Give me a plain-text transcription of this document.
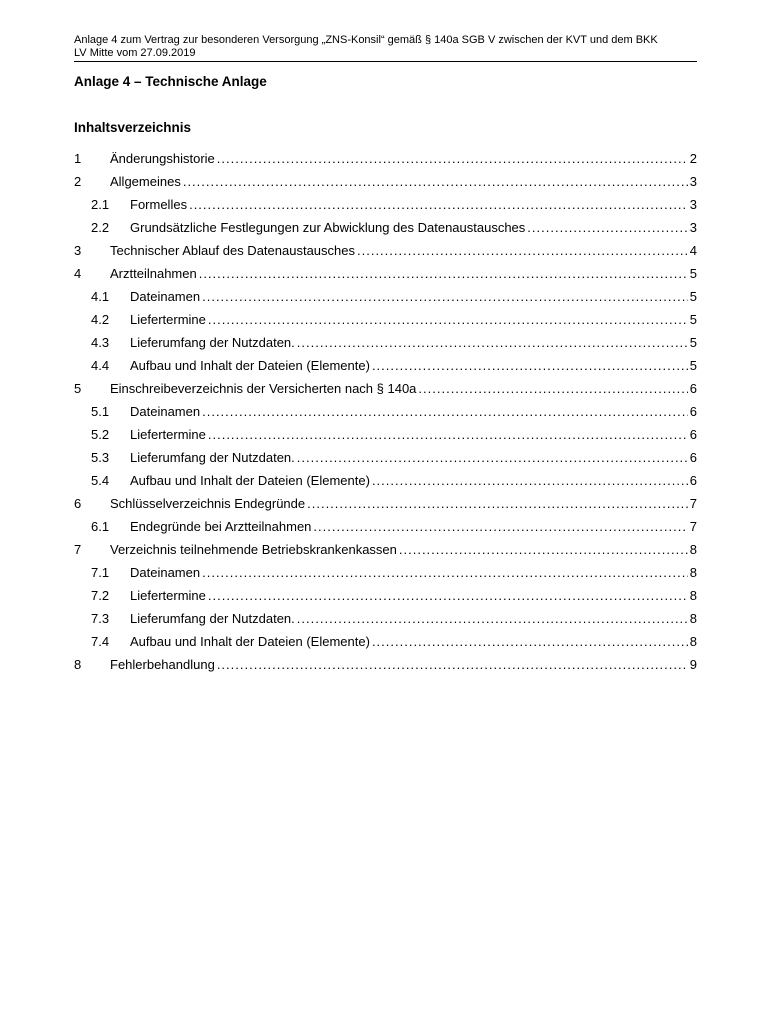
Anlage 4 zum Vertrag zur besonderen Versorgung „ZNS-Konsil“ gemäß § 140a SGB V zwischen der KVT und dem BKK
LV Mitte vom 27.09.2019
Anlage 4 – Technische Anlage
Inhaltsverzeichnis
1 Änderungshistorie .....	2
2 Allgemeines .....	3
2.1 Formelles .....	3
2.2 Grundsätzliche Festlegungen zur Abwicklung des Datenaustausches .....	3
3 Technischer Ablauf des Datenaustausches .....	4
4 Arztteilnahmen .....	5
4.1 Dateinamen .....	5
4.2 Liefertermine .....	5
4.3 Lieferumfang der Nutzdaten. .....	5
4.4 Aufbau und Inhalt der Dateien (Elemente) .....	5
5 Einschreibeverzeichnis der Versicherten nach § 140a .....	6
5.1 Dateinamen .....	6
5.2 Liefertermine .....	6
5.3 Lieferumfang der Nutzdaten. .....	6
5.4 Aufbau und Inhalt der Dateien (Elemente) .....	6
6 Schlüsselverzeichnis Endegründe .....	7
6.1 Endegründe bei Arztteilnahmen .....	7
7 Verzeichnis teilnehmende Betriebskrankenkassen .....	8
7.1 Dateinamen .....	8
7.2 Liefertermine .....	8
7.3 Lieferumfang der Nutzdaten. .....	8
7.4 Aufbau und Inhalt der Dateien (Elemente) .....	8
8 Fehlerbehandlung .....	9
